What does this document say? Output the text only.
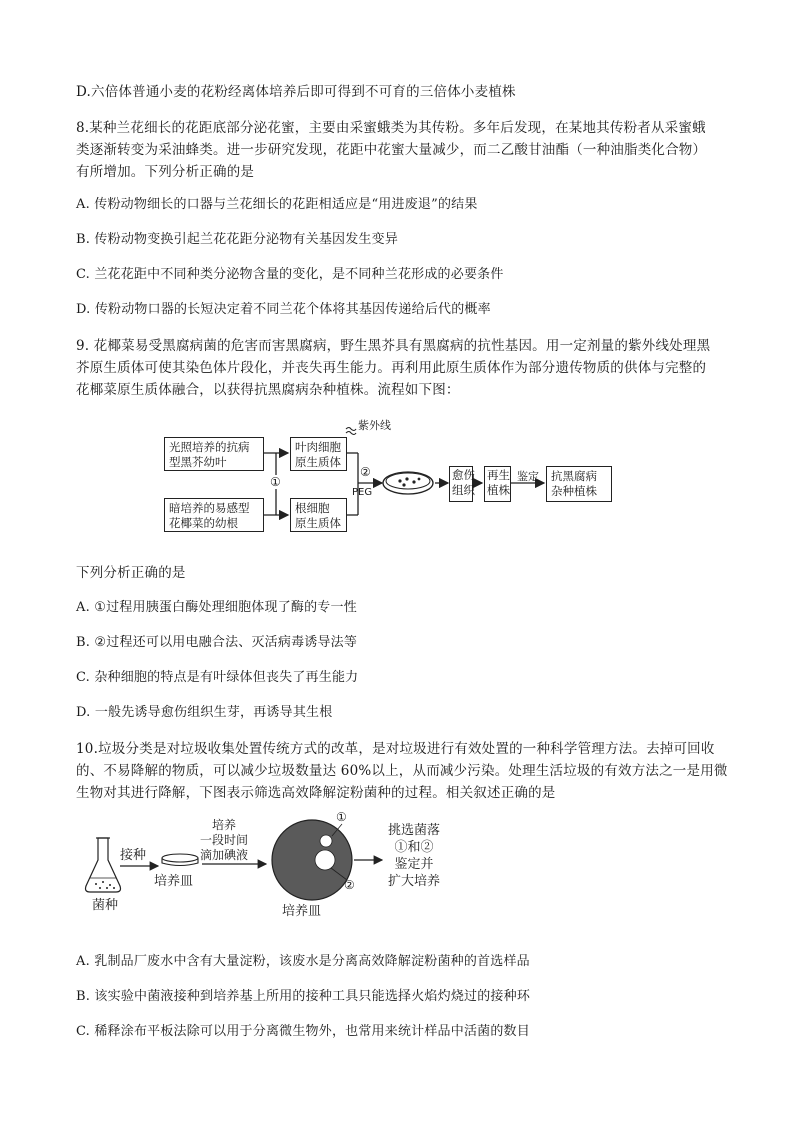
D.六倍体普通小麦的花粉经离体培养后即可得到不可育的三倍体小麦植株
8.某种兰花细长的花距底部分泌花蜜，主要由采蜜蛾类为其传粉。多年后发现，在某地其传粉者从采蜜蛾
类逐渐转变为采油蜂类。进一步研究发现，花距中花蜜大量减少，而二乙酸甘油酯（一种油脂类化合物）
有所增加。下列分析正确的是
A. 传粉动物细长的口器与兰花细长的花距相适应是“用进废退”的结果
B. 传粉动物变换引起兰花花距分泌物有关基因发生变异
C. 兰花花距中不同种类分泌物含量的变化，是不同种兰花形成的必要条件
D. 传粉动物口器的长短决定着不同兰花个体将其基因传递给后代的概率
9. 花椰菜易受黑腐病菌的危害而害黑腐病，野生黑芥具有黑腐病的抗性基因。用一定剂量的紫外线处理黑
芥原生质体可使其染色体片段化，并丧失再生能力。再利用此原生质体作为部分遗传物质的供体与完整的
花椰菜原生质体融合，以获得抗黑腐病杂种植株。流程如下图：
光照培养的抗病
型黑芥幼叶
暗培养的易感型
花椰菜的幼根
叶肉细胞
原生质体
根细胞
原生质体
紫外线
①
②
PEG
愈伤
组织
再生
植株
鉴定 抗黑腐病
杂种植株
下列分析正确的是
A. ①过程用胰蛋白酶处理细胞体现了酶的专一性
B. ②过程还可以用电融合法、灭活病毒诱导法等
C. 杂种细胞的特点是有叶绿体但丧失了再生能力
D. 一般先诱导愈伤组织生芽，再诱导其生根
10.垃圾分类是对垃圾收集处置传统方式的改革，是对垃圾进行有效处置的一种科学管理方法。去掉可回收
的、不易降解的物质，可以减少垃圾数量达 60%以上，从而减少污染。处理生活垃圾的有效方法之一是用微
生物对其进行降解，下图表示筛选高效降解淀粉菌种的过程。相关叙述正确的是
菌种
接种
培养皿
培养
一段时间
滴加碘液
①
②
培养皿
挑选菌落
①和②
鉴定并
扩大培养
A. 乳制品厂废水中含有大量淀粉，该废水是分离高效降解淀粉菌种的首选样品
B. 该实验中菌液接种到培养基上所用的接种工具只能选择火焰灼烧过的接种环
C. 稀释涂布平板法除可以用于分离微生物外，也常用来统计样品中活菌的数目
